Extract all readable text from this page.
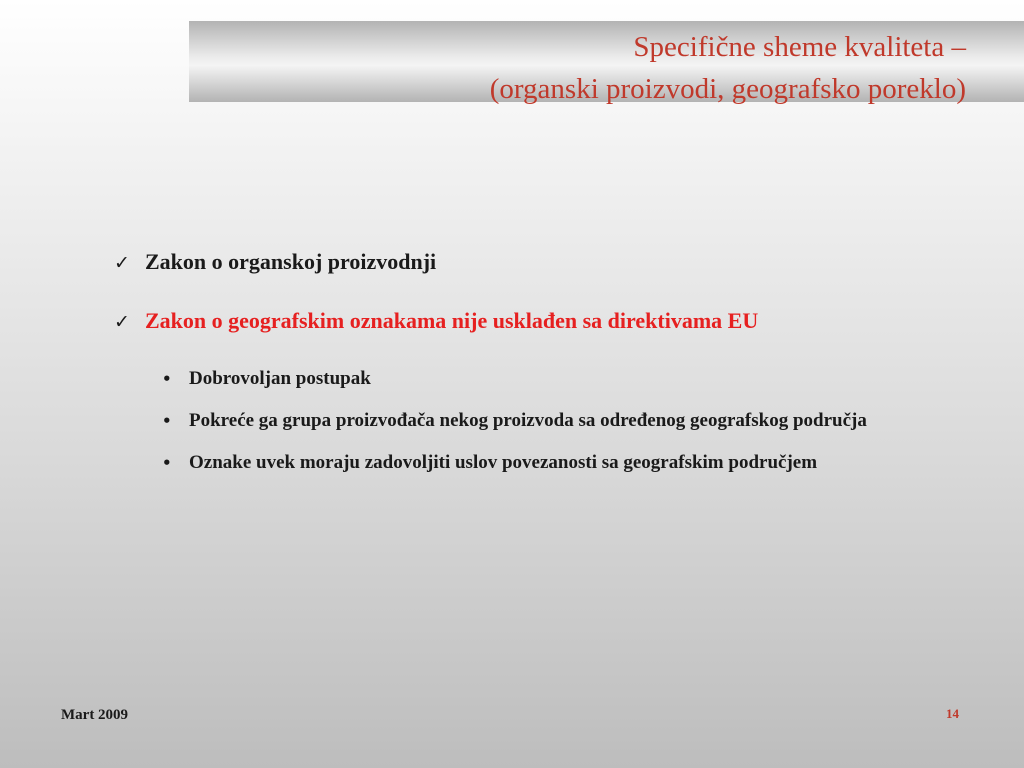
Specifične sheme kvaliteta –
(organski proizvodi, geografsko poreklo)
✓ Zakon o organskoj proizvodnji
✓ Zakon o geografskim oznakama nije usklađen sa direktivama EU
• Dobrovoljan postupak
• Pokreće ga grupa proizvođača nekog proizvoda sa određenog geografskog područja
• Oznake uvek moraju zadovoljiti uslov povezanosti sa geografskim područjem
Mart 2009	14
